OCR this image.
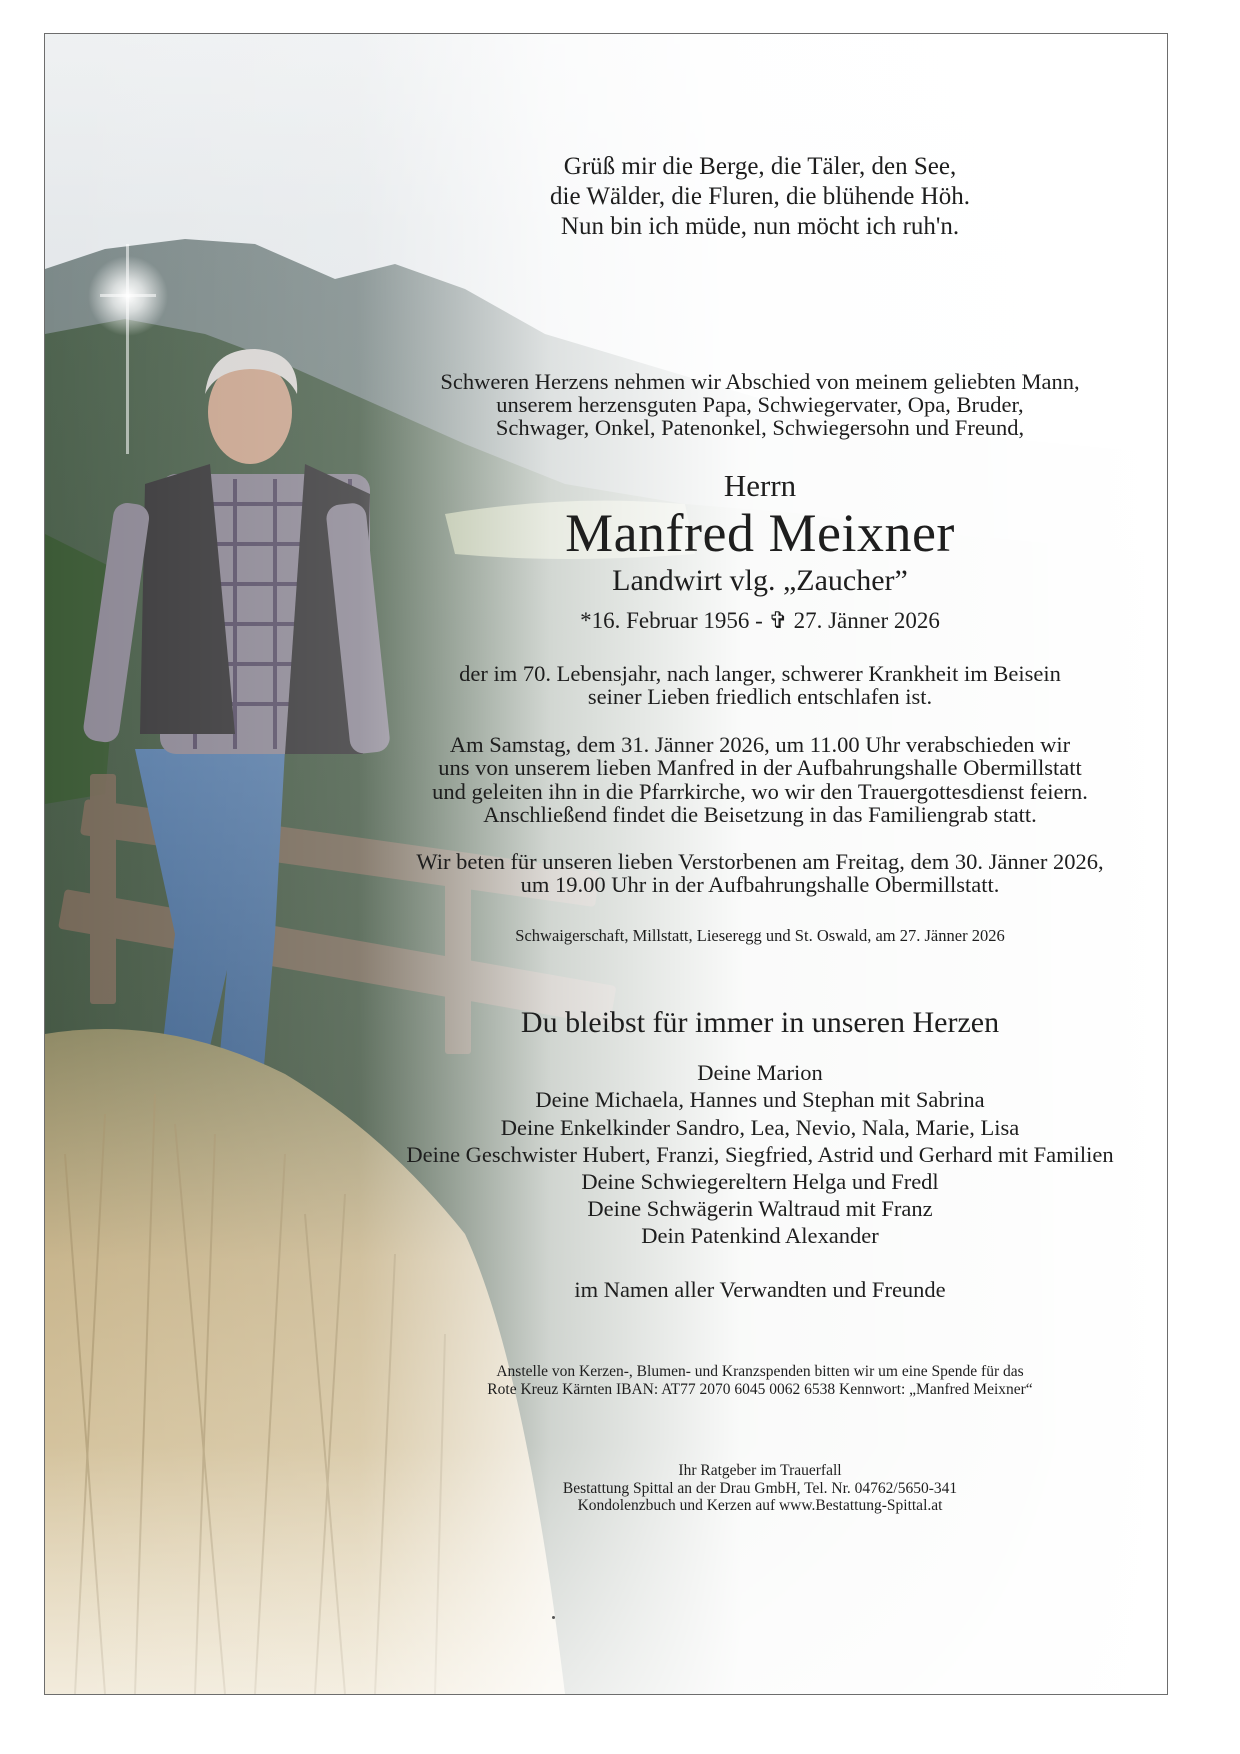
Grüß mir die Berge, die Täler, den See,

die Wälder, die Fluren, die blühende Höh.

Nun bin ich müde, nun möcht ich ruh'n.

Schweren Herzens nehmen wir Abschied von meinem geliebten Mann,

unserem herzensguten Papa, Schwiegervater, Opa, Bruder,

Schwager, Onkel, Patenonkel, Schwiegersohn und Freund,

Herrn

Manfred Meixner

Landwirt vlg. „Zaucher”

*16. Februar 1956 - ✞ 27. Jänner 2026

der im 70. Lebensjahr, nach langer, schwerer Krankheit im Beisein

seiner Lieben friedlich entschlafen ist.

Am Samstag, dem 31. Jänner 2026, um 11.00 Uhr verabschieden wir

uns von unserem lieben Manfred in der Aufbahrungshalle Obermillstatt

und geleiten ihn in die Pfarrkirche, wo wir den Trauergottesdienst feiern.

Anschließend findet die Beisetzung in das Familiengrab statt.

Wir beten für unseren lieben Verstorbenen am Freitag, dem 30. Jänner 2026,

um 19.00 Uhr in der Aufbahrungshalle Obermillstatt.

Schwaigerschaft, Millstatt, Lieseregg und St. Oswald, am 27. Jänner 2026

Du bleibst für immer in unseren Herzen

Deine Marion

Deine Michaela, Hannes und Stephan mit Sabrina

Deine Enkelkinder Sandro, Lea, Nevio, Nala, Marie, Lisa

Deine Geschwister Hubert, Franzi, Siegfried, Astrid und Gerhard mit Familien

Deine Schwiegereltern Helga und Fredl

Deine Schwägerin Waltraud mit Franz

Dein Patenkind Alexander

im Namen aller Verwandten und Freunde

Anstelle von Kerzen-, Blumen- und Kranzspenden bitten wir um eine Spende für das

Rote Kreuz Kärnten IBAN: AT77 2070 6045 0062 6538 Kennwort: „Manfred Meixner“

Ihr Ratgeber im Trauerfall

Bestattung Spittal an der Drau GmbH, Tel. Nr. 04762/5650-341

Kondolenzbuch und Kerzen auf www.Bestattung-Spittal.at
